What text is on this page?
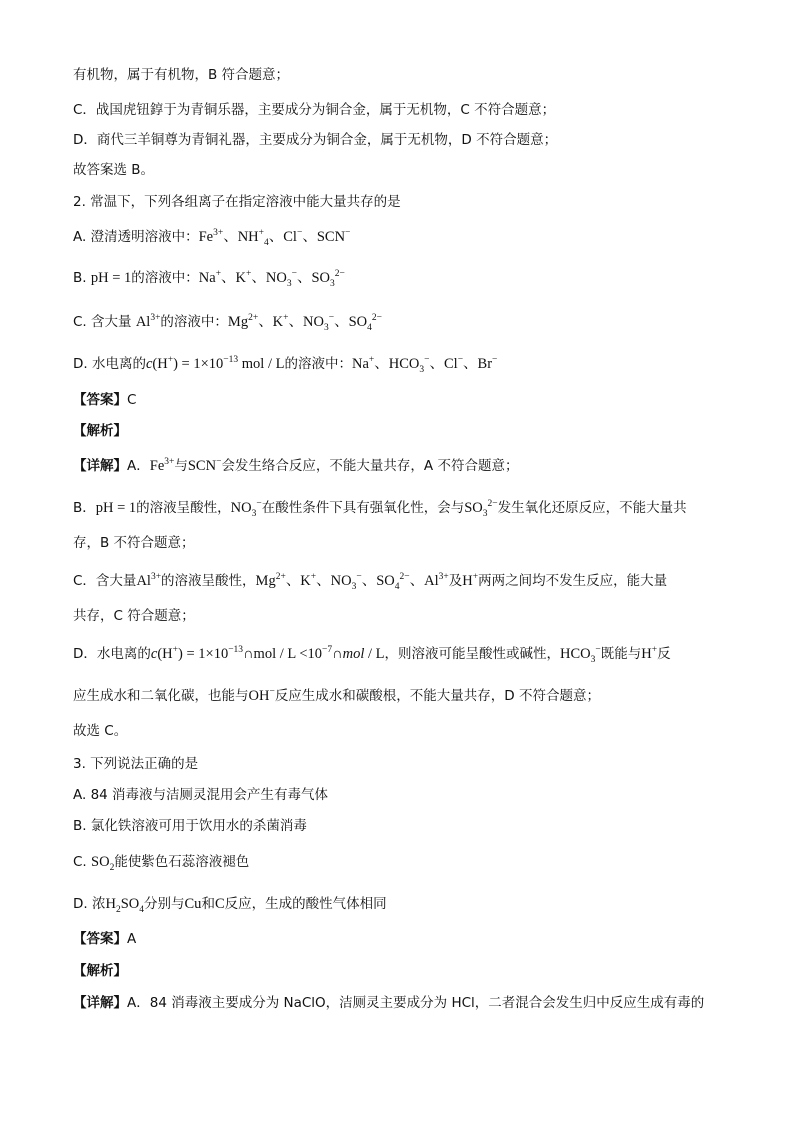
有机物，属于有机物，B 符合题意；
C．战国虎钮錞于为青铜乐器，主要成分为铜合金，属于无机物，C 不符合题意；
D．商代三羊铜尊为青铜礼器，主要成分为铜合金，属于无机物，D 不符合题意；
故答案选 B。
2. 常温下，下列各组离子在指定溶液中能大量共存的是
A. 澄清透明溶液中：$Fe^{3+}$、$NH^+_4$、Cl−、SCN−
B. pH = 1的溶液中：Na+、K+、$NO_3^-$、$SO_3^{2-}$
C. 含大量 $Al^{3+}$的溶液中：$Mg^{2+}$、K+、$NO_3^-$、$SO_4^{2-}$
D. 水电离的$c(H^+) = 1\times 10^{-13}$ mol / L的溶液中：Na+、$HCO_3^-$、Cl−、Br−
【答案】C
【解析】
【详解】A．$Fe^{3+}$与SCN−会发生络合反应，不能大量共存，A 不符合题意；
B．pH = 1的溶液呈酸性，$NO_3^-$在酸性条件下具有强氧化性，会与$SO_3^{2-}$发生氧化还原反应，不能大量共
存，B 不符合题意；
C．含大量$Al^{3+}$的溶液呈酸性，$Mg^{2+}$、K+、$NO_3^-$、$SO_4^{2-}$、$Al^{3+}$及H+两两之间均不发生反应，能大量
共存，C 符合题意；
D．水电离的$c(H^+) = 1\times 10^{-13}\cap mol / L$ $<10^{-7}\cap mol / L$，则溶液可能呈酸性或碱性，$HCO_3^-$既能与H+反
应生成水和二氧化碳，也能与OH−反应生成水和碳酸根，不能大量共存，D 不符合题意；
故选 C。
3. 下列说法正确的是
A. 84 消毒液与洁厕灵混用会产生有毒气体
B. 氯化铁溶液可用于饮用水的杀菌消毒
C. $SO_2$能使紫色石蕊溶液褪色
D. 浓$H_2SO_4$分别与Cu和C反应，生成的酸性气体相同
【答案】A
【解析】
【详解】A．84 消毒液主要成分为 NaClO，洁厕灵主要成分为 HCl，二者混合会发生归中反应生成有毒的
